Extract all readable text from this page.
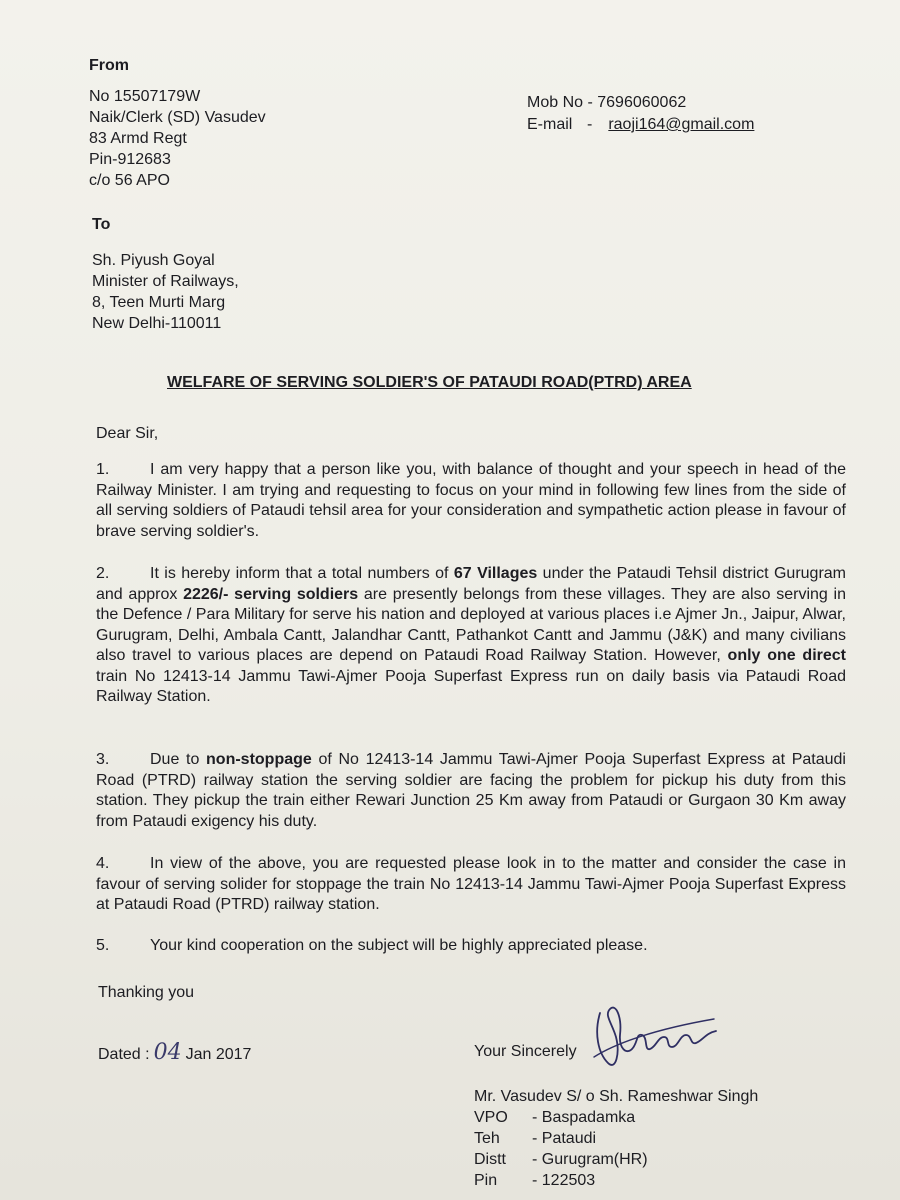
From
No 15507179W
Naik/Clerk (SD) Vasudev
83 Armd Regt
Pin-912683
c/o 56 APO
Mob No -
7696060062
E-mail - raoji164@gmail.com
To
Sh. Piyush Goyal
Minister of Railways,
8, Teen Murti Marg
New Delhi-110011
WELFARE OF SERVING SOLDIER'S OF PATAUDI ROAD(PTRD) AREA
Dear Sir,
1.	I am very happy that a person like you, with balance of thought and your speech in head of the Railway Minister. I am trying and requesting to focus on your mind in following few lines from the side of all serving soldiers of Pataudi tehsil area for your consideration and sympathetic action please in favour of brave serving soldier's.
2.	It is hereby inform that a total numbers of 67 Villages under the Pataudi Tehsil district Gurugram and approx 2226/- serving soldiers are presently belongs from these villages. They are also serving in the Defence / Para Military for serve his nation and deployed at various places i.e Ajmer Jn., Jaipur, Alwar, Gurugram, Delhi, Ambala Cantt, Jalandhar Cantt, Pathankot Cantt and Jammu (J&K) and many civilians also travel to various places are depend on Pataudi Road Railway Station. However, only one direct train No 12413-14 Jammu Tawi-Ajmer Pooja Superfast Express run on daily basis via Pataudi Road Railway Station.
3.	Due to non-stoppage of No 12413-14 Jammu Tawi-Ajmer Pooja Superfast Express at Pataudi Road (PTRD) railway station the serving soldier are facing the problem for pickup his duty from this station. They pickup the train either Rewari Junction 25 Km away from Pataudi or Gurgaon 30 Km away from Pataudi exigency his duty.
4.	In view of the above, you are requested please look in to the matter and consider the case in favour of serving solider for stoppage the train No 12413-14 Jammu Tawi-Ajmer Pooja Superfast Express at Pataudi Road (PTRD) railway station.
5.	Your kind cooperation on the subject will be highly appreciated please.
Thanking you
Dated : 04 Jan 2017	Your Sincerely
Mr. Vasudev S/ o Sh. Rameshwar Singh
VPO	- Baspadamka
Teh	- Pataudi
Distt	- Gurugram(HR)
Pin	- 122503
